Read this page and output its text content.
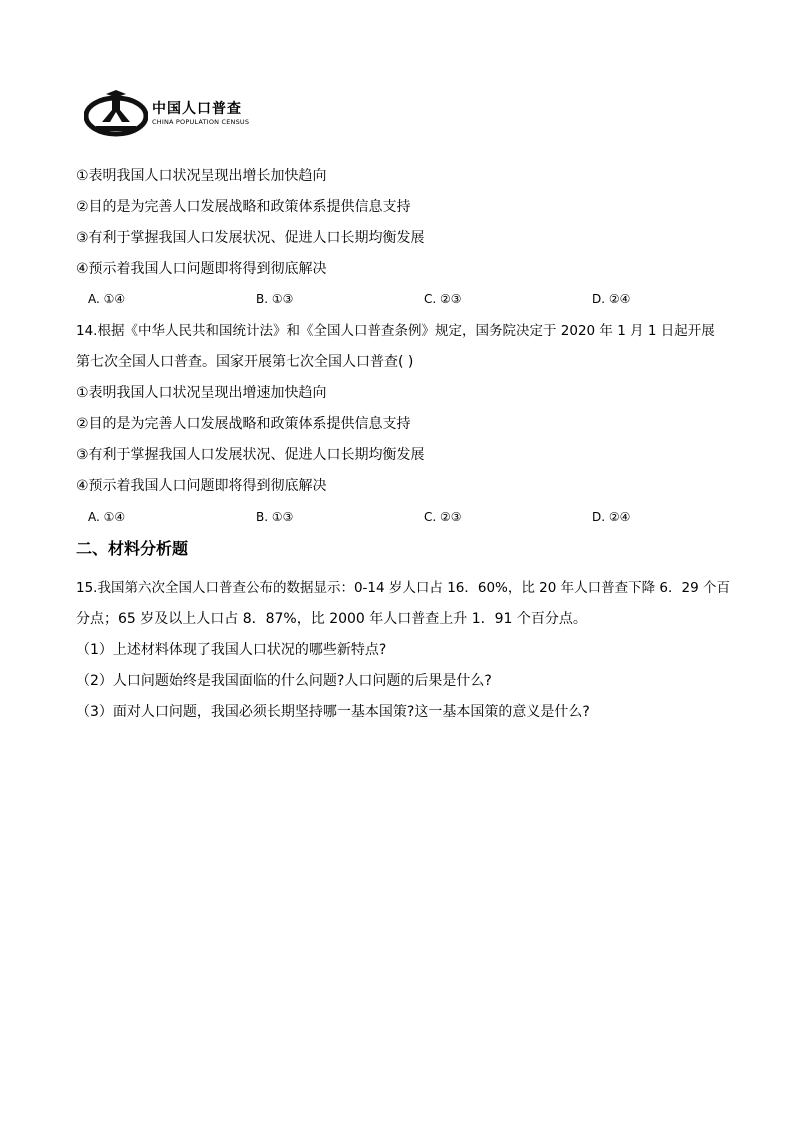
中国人口普查
CHINA POPULATION CENSUS
①表明我国人口状况呈现出增长加快趋向
②目的是为完善人口发展战略和政策体系提供信息支持
③有利于掌握我国人口发展状况、促进人口长期均衡发展
④预示着我国人口问题即将得到彻底解决
A. ①④	B. ①③	C. ②③	D. ②④
14.根据《中华人民共和国统计法》和《全国人口普查条例》规定，国务院决定于 2020 年 1 月 1 日起开展
第七次全国人口普查。国家开展第七次全国人口普查( )
①表明我国人口状况呈现出增速加快趋向
②目的是为完善人口发展战略和政策体系提供信息支持
③有利于掌握我国人口发展状况、促进人口长期均衡发展
④预示着我国人口问题即将得到彻底解决
A. ①④	B. ①③	C. ②③	D. ②④
二、材料分析题
15.我国第六次全国人口普查公布的数据显示：0-14 岁人口占 16．60%，比 20 年人口普查下降 6．29 个百
分点；65 岁及以上人口占 8．87%，比 2000 年人口普查上升 1．91 个百分点。
（1）上述材料体现了我国人口状况的哪些新特点?
（2）人口问题始终是我国面临的什么问题?人口问题的后果是什么?
（3）面对人口问题，我国必须长期坚持哪一基本国策?这一基本国策的意义是什么?
